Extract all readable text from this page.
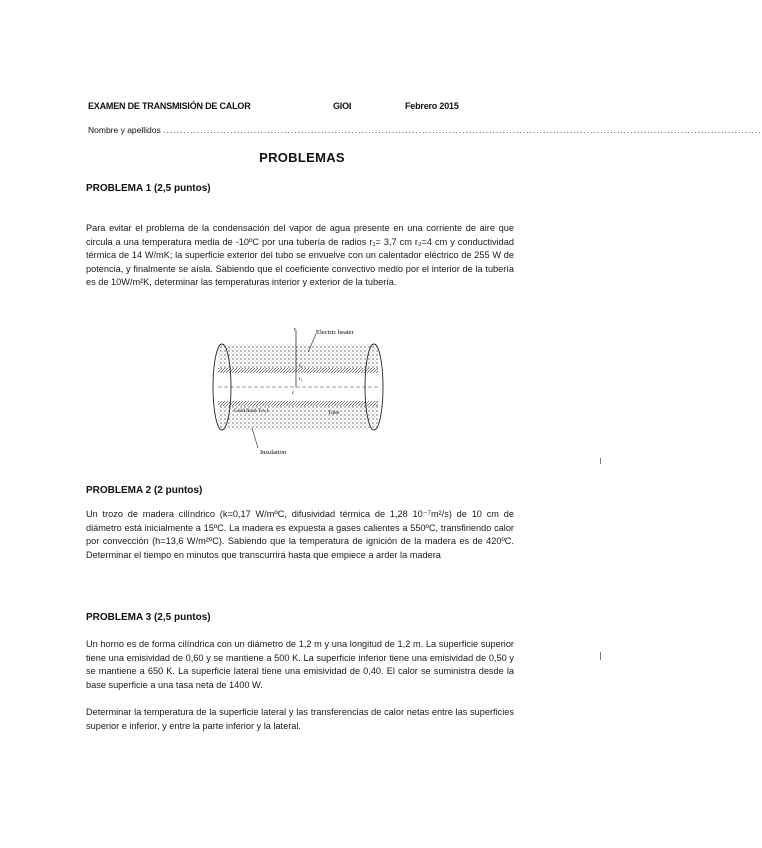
EXAMEN DE TRANSMISIÓN DE CALOR	GIOI	Febrero 2015
Nombre y apellidos ..................................................................................................................................................................................
PROBLEMAS
PROBLEMA 1 (2,5 puntos)
Para evitar el problema de la condensación del vapor de agua presente en una corriente de aire que circula a una temperatura media de -10ºC por una tubería de radios r₁= 3,7 cm r₂=4 cm y conductividad térmica de 14 W/mK; la superficie exterior del tubo se envuelve con un calentador eléctrico de 255 W de potencia, y finalmente se aísla. Sabiendo que el coeficiente convectivo medio por el interior de la tubería es de 10W/m²K, determinar las temperaturas interior y exterior de la tubería.
r	Electric heater
r₁
r₂
c
Cold fluid T∞,1	Tubo
Insulation
PROBLEMA 2 (2 puntos)
Un trozo de madera cilíndrico (k=0,17 W/mºC, difusividad térmica de 1,28 10⁻⁷m²/s) de 10 cm de diámetro está inicialmente a 15ºC. La madera es expuesta a gases calientes a 550ºC, transfiriendo calor por convección (h=13,6 W/m²ºC). Sabiendo que la temperatura de ignición de la madera es de 420ºC. Determinar el tiempo en minutos que transcurrirá hasta que empiece a arder la madera
PROBLEMA 3 (2,5 puntos)
Un horno es de forma cilíndrica con un diámetro de 1,2 m y una longitud de 1,2 m. La superficie superior tiene una emisividad de 0,60 y se mantiene a 500 K. La superficie inferior tiene una emisividad de 0,50 y se mantiene a 650 K. La superficie lateral tiene una emisividad de 0,40. El calor se suministra desde la base superficie a una tasa neta de 1400 W.
Determinar la temperatura de la superficie lateral y las transferencias de calor netas entre las superficies superior e inferior, y entre la parte inferior y la lateral.
